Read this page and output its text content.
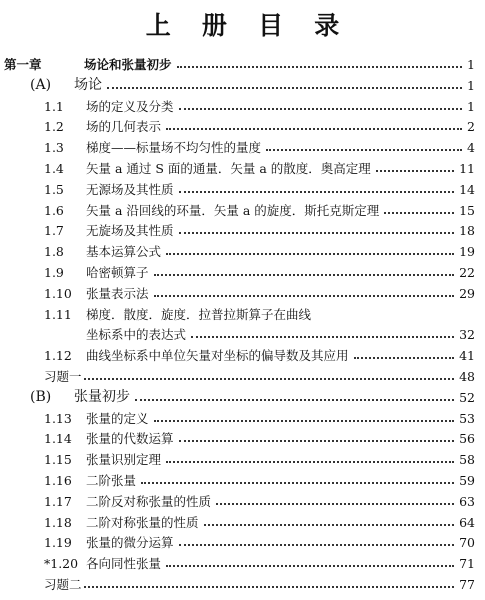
上 册 目 录
第一章	场论和张量初步	1
(A) 场论	1
1.1 场的定义及分类	1
1.2 场的几何表示	2
1.3 梯度——标量场不均匀性的量度	4
1.4 矢量 a 通过 S 面的通量．矢量 a 的散度．奥高定理	11
1.5 无源场及其性质	14
1.6 矢量 a 沿回线的环量．矢量 a 的旋度．斯托克斯定理	15
1.7 无旋场及其性质	18
1.8 基本运算公式	19
1.9 哈密顿算子	22
1.10 张量表示法	29
1.11 梯度．散度．旋度．拉普拉斯算子在曲线
坐标系中的表达式	32
1.12 曲线坐标系中单位矢量对坐标的偏导数及其应用	41
习题一	48
(B) 张量初步	52
1.13 张量的定义	53
1.14 张量的代数运算	56
1.15 张量识别定理	58
1.16 二阶张量	59
1.17 二阶反对称张量的性质	63
1.18 二阶对称张量的性质	64
1.19 张量的微分运算	70
*1.20 各向同性张量	71
习题二	77
